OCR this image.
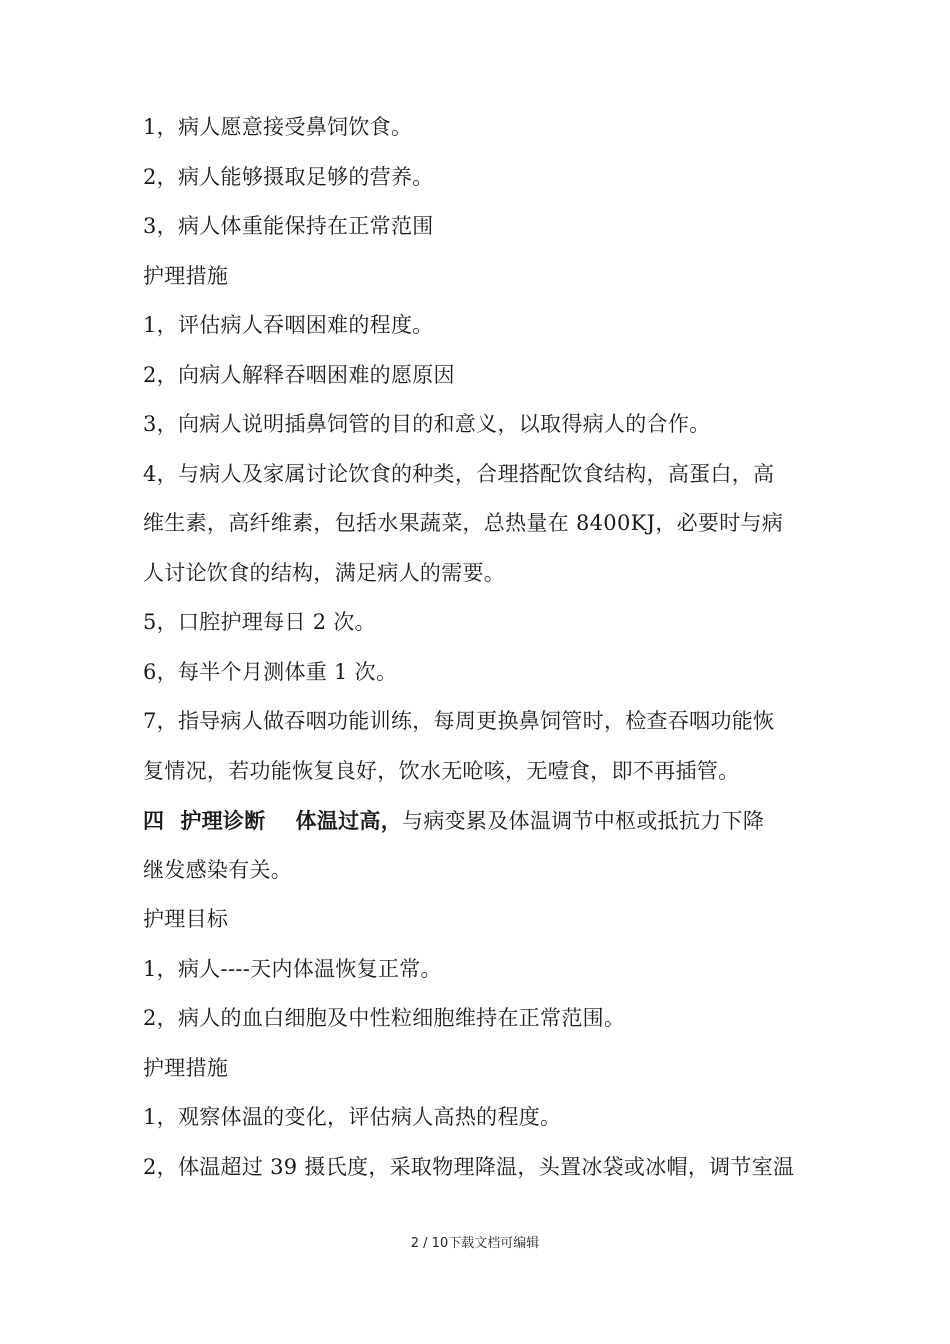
1，病人愿意接受鼻饲饮食。
2，病人能够摄取足够的营养。
3，病人体重能保持在正常范围
护理措施
1，评估病人吞咽困难的程度。
2，向病人解释吞咽困难的愿原因
3，向病人说明插鼻饲管的目的和意义，以取得病人的合作。
4，与病人及家属讨论饮食的种类，合理搭配饮食结构，高蛋白，高
维生素，高纤维素，包括水果蔬菜，总热量在 8400KJ，必要时与病
人讨论饮食的结构，满足病人的需要。
5，口腔护理每日 2 次。
6，每半个月测体重 1 次。
7，指导病人做吞咽功能训练，每周更换鼻饲管时，检查吞咽功能恢
复情况，若功能恢复良好，饮水无呛咳，无噎食，即不再插管。
四 护理诊断 体温过高，与病变累及体温调节中枢或抵抗力下降
继发感染有关。
护理目标
1，病人----天内体温恢复正常。
2，病人的血白细胞及中性粒细胞维持在正常范围。
护理措施
1，观察体温的变化，评估病人高热的程度。
2，体温超过 39 摄氏度，采取物理降温，头置冰袋或冰帽，调节室温
2 / 10下载文档可编辑
